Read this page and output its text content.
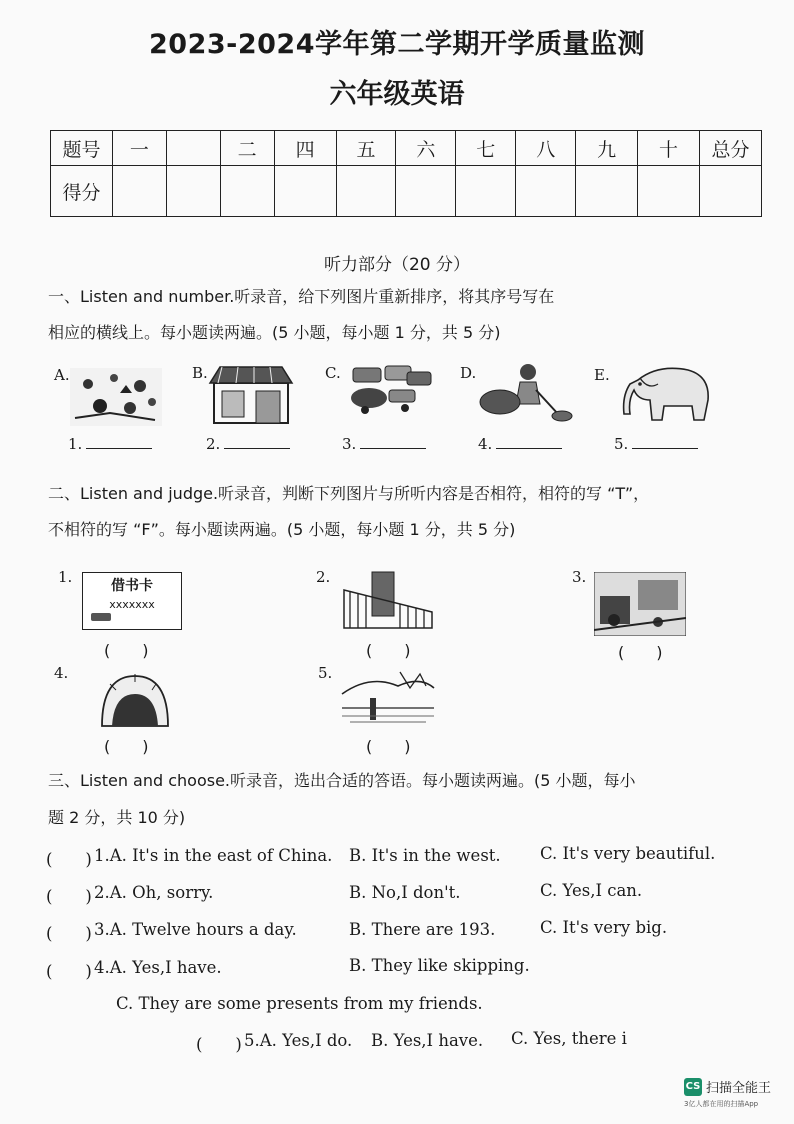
2023-2024学年第二学期开学质量监测
六年级英语
题号	一		二	四	五	六	七	八	九	十	总分
得分											
听力部分（20 分）
一、Listen and number.听录音，给下列图片重新排序，将其序号写在
相应的横线上。每小题读两遍。(5 小题，每小题 1 分，共 5 分)
A.	B.	C.	D.	E.
1.	2.	3.	4.	5.
二、Listen and judge.听录音，判断下列图片与所听内容是否相符，相符的写 “T”，
不相符的写 “F”。每小题读两遍。(5 小题，每小题 1 分，共 5 分)
1.	借书卡
xxxxxxx
(　　)
2.
(　　)
3.
(　　)
4.
(　　)
5.
(　　)
三、Listen and choose.听录音，选出合适的答语。每小题读两遍。(5 小题，每小
题 2 分，共 10 分)
(　　) 1.A. It's in the east of China. B. It's in the west. C. It's very beautiful.
(　　) 2.A. Oh, sorry.	B. No,I don't.	C. Yes,I can.
(　　) 3.A. Twelve hours a day.	B. There are 193.	C. It's very big.
(　　) 4.A. Yes,I have.	B. They like skipping.
C. They are some presents from my friends.
(　　) 5.A. Yes,I do. B. Yes,I have. C. Yes, there i
CS 扫描全能王
3亿人都在用的扫描App
